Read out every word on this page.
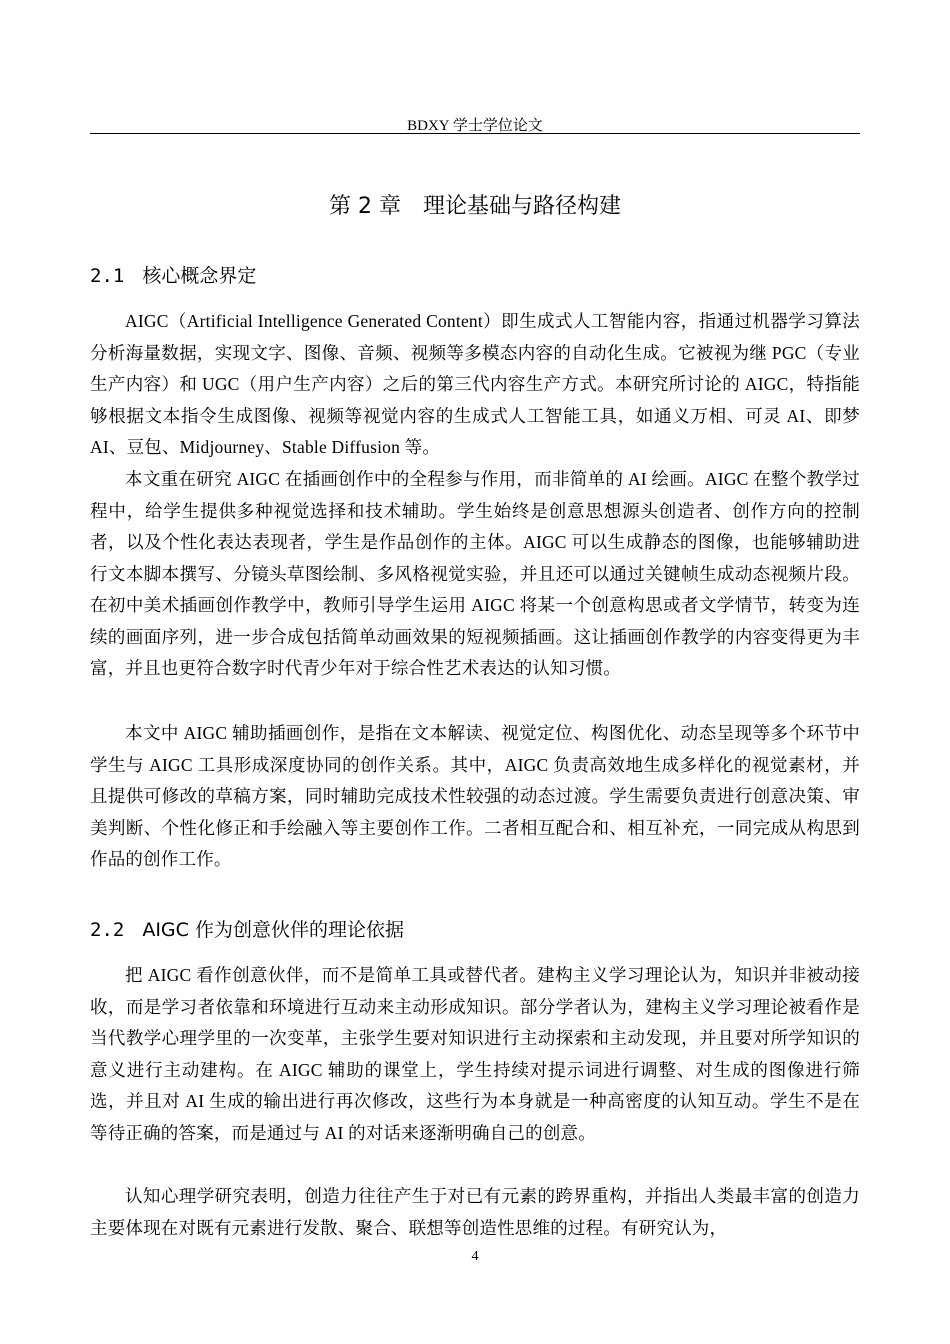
BDXY 学士学位论文
第 2 章 理论基础与路径构建
2.1 核心概念界定

AIGC（Artificial Intelligence Generated Content）即生成式人工智能内容，指通过机器学习算法分析海量数据，实现文字、图像、音频、视频等多模态内容的自动化生成。它被视为继 PGC（专业生产内容）和 UGC（用户生产内容）之后的第三代内容生产方式。本研究所讨论的 AIGC，特指能够根据文本指令生成图像、视频等视觉内容的生成式人工智能工具，如通义万相、可灵 AI、即梦 AI、豆包、Midjourney、Stable Diffusion 等。

本文重在研究 AIGC 在插画创作中的全程参与作用，而非简单的 AI 绘画。AIGC 在整个教学过程中，给学生提供多种视觉选择和技术辅助。学生始终是创意思想源头创造者、创作方向的控制者，以及个性化表达表现者，学生是作品创作的主体。AIGC 可以生成静态的图像，也能够辅助进行文本脚本撰写、分镜头草图绘制、多风格视觉实验，并且还可以通过关键帧生成动态视频片段。在初中美术插画创作教学中，教师引导学生运用 AIGC 将某一个创意构思或者文学情节，转变为连续的画面序列，进一步合成包括简单动画效果的短视频插画。这让插画创作教学的内容变得更为丰富，并且也更符合数字时代青少年对于综合性艺术表达的认知习惯。

本文中 AIGC 辅助插画创作，是指在文本解读、视觉定位、构图优化、动态呈现等多个环节中学生与 AIGC 工具形成深度协同的创作关系。其中，AIGC 负责高效地生成多样化的视觉素材，并且提供可修改的草稿方案，同时辅助完成技术性较强的动态过渡。学生需要负责进行创意决策、审美判断、个性化修正和手绘融入等主要创作工作。二者相互配合和、相互补充，一同完成从构思到作品的创作工作。

2.2 AIGC 作为创意伙伴的理论依据

把 AIGC 看作创意伙伴，而不是简单工具或替代者。建构主义学习理论认为，知识并非被动接收，而是学习者依靠和环境进行互动来主动形成知识。部分学者认为，建构主义学习理论被看作是当代教学心理学里的一次变革，主张学生要对知识进行主动探索和主动发现，并且要对所学知识的意义进行主动建构。在 AIGC 辅助的课堂上，学生持续对提示词进行调整、对生成的图像进行筛选，并且对 AI 生成的输出进行再次修改，这些行为本身就是一种高密度的认知互动。学生不是在等待正确的答案，而是通过与 AI 的对话来逐渐明确自己的创意。

认知心理学研究表明，创造力往往产生于对已有元素的跨界重构，并指出人类最丰富的创造力主要体现在对既有元素进行发散、聚合、联想等创造性思维的过程。有研究认为，

4
